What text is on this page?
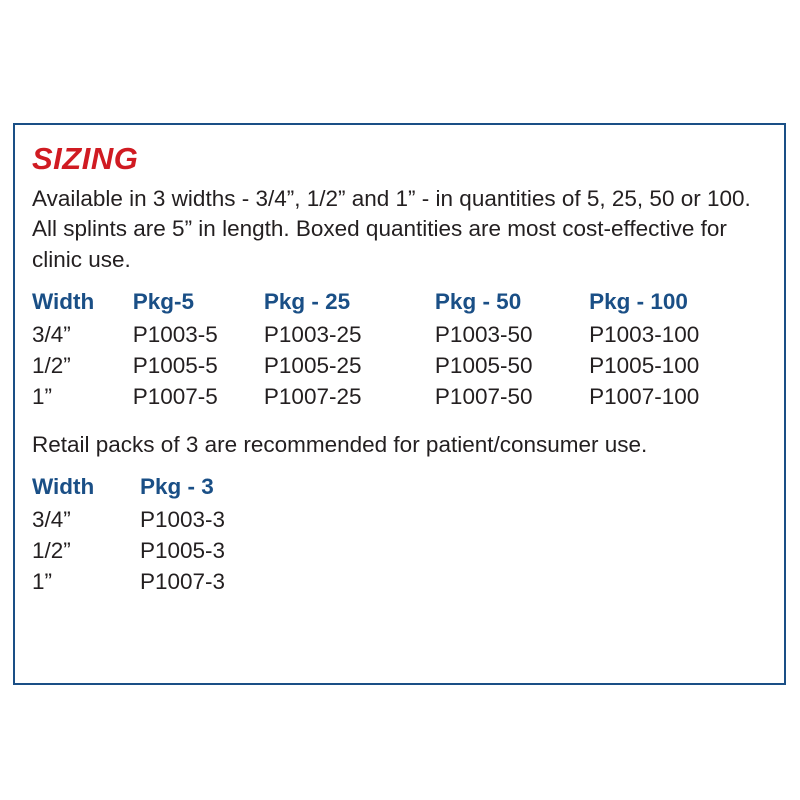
SIZING

Available in 3 widths - 3/4”, 1/2” and 1” - in quantities of 5, 25, 50 or 100. All splints are 5” in length. Boxed quantities are most cost-effective for clinic use.

Width	Pkg-5	Pkg - 25	Pkg - 50	Pkg - 100
3/4”	P1003-5	P1003-25	P1003-50	P1003-100
1/2”	P1005-5	P1005-25	P1005-50	P1005-100
1”	P1007-5	P1007-25	P1007-50	P1007-100

Retail packs of 3 are recommended for patient/consumer use.

Width	Pkg - 3
3/4”	P1003-3
1/2”	P1005-3
1”	P1007-3
